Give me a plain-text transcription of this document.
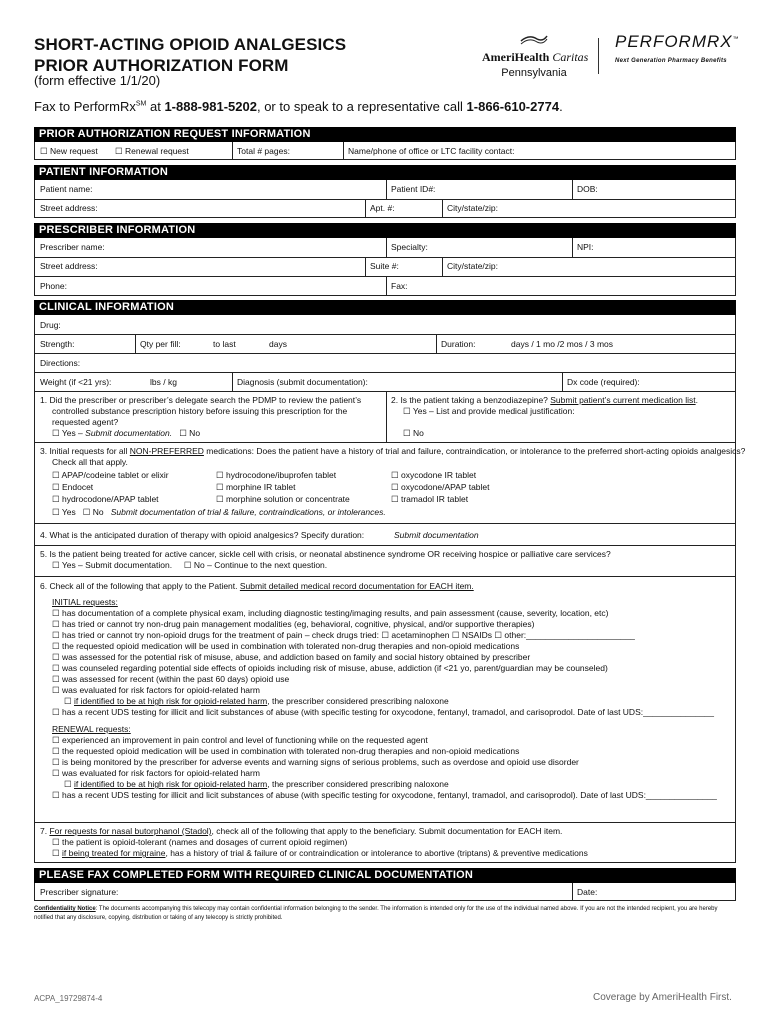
SHORT-ACTING OPIOID ANALGESICS
PRIOR AUTHORIZATION FORM
(form effective 1/1/20)
Fax to PerformRx℠ at 1-888-981-5202, or to speak to a representative call 1-866-610-2774.
AmeriHealth Caritas
Pennsylvania
PERFORMRX™
Next Generation Pharmacy Benefits
PRIOR AUTHORIZATION REQUEST INFORMATION
☐ New request ☐ Renewal request	Total # pages:	Name/phone of office or LTC facility contact:
PATIENT INFORMATION
Patient name:	Patient ID#:	DOB:
Street address:	Apt. #:	City/state/zip:
PRESCRIBER INFORMATION
Prescriber name:	Specialty:	NPI:
Street address:	Suite #:	City/state/zip:
Phone:	Fax:
CLINICAL INFORMATION
Drug:
Strength:	Qty per fill:	to last	days	Duration:	days / 1 mo /2 mos / 3 mos
Directions:
Weight (if <21 yrs):	lbs / kg	Diagnosis (submit documentation):	Dx code (required):
1. Did the prescriber or prescriber’s delegate search the PDMP to review the patient’s
controlled substance prescription history before issuing this prescription for the
requested agent?
☐ Yes – Submit documentation. ☐ No
2. Is the patient taking a benzodiazepine? Submit patient’s current medication list.
☐ Yes – List and provide medical justification:

☐ No
3. Initial requests for all NON-PREFERRED medications: Does the patient have a history of trial and failure, contraindication, or intolerance to the preferred short-acting opioids analgesics?
Check all that apply.
☐ APAP/codeine tablet or elixir	☐ hydrocodone/ibuprofen tablet	☐ oxycodone IR tablet
☐ Endocet	☐ morphine IR tablet	☐ oxycodone/APAP tablet
☐ hydrocodone/APAP tablet	☐ morphine solution or concentrate	☐ tramadol IR tablet
☐ Yes ☐ No Submit documentation of trial & failure, contraindications, or intolerances.
4. What is the anticipated duration of therapy with opioid analgesics? Specify duration:	Submit documentation
5. Is the patient being treated for active cancer, sickle cell with crisis, or neonatal abstinence syndrome OR receiving hospice or palliative care services?
☐ Yes – Submit documentation. ☐ No – Continue to the next question.
6. Check all of the following that apply to the Patient. Submit detailed medical record documentation for EACH item.
INITIAL requests:
☐ has documentation of a complete physical exam, including diagnostic testing/imaging results, and pain assessment (cause, severity, location, etc)
☐ has tried or cannot try non-drug pain management modalities (eg, behavioral, cognitive, physical, and/or supportive therapies)
☐ has tried or cannot try non-opioid drugs for the treatment of pain – check drugs tried: ☐ acetaminophen ☐ NSAIDs ☐ other:_______________________
☐ the requested opioid medication will be used in combination with tolerated non-drug therapies and non-opioid medications
☐ was assessed for the potential risk of misuse, abuse, and addiction based on family and social history obtained by prescriber
☐ was counseled regarding potential side effects of opioids including risk of misuse, abuse, addiction (if <21 yo, parent/guardian may be counseled)
☐ was assessed for recent (within the past 60 days) opioid use
☐ was evaluated for risk factors for opioid-related harm
☐ if identified to be at high risk for opioid-related harm, the prescriber considered prescribing naloxone
☐ has a recent UDS testing for illicit and licit substances of abuse (with specific testing for oxycodone, fentanyl, tramadol, and carisoprodol. Date of last UDS:_______________
RENEWAL requests:
☐ experienced an improvement in pain control and level of functioning while on the requested agent
☐ the requested opioid medication will be used in combination with tolerated non-drug therapies and non-opioid medications
☐ is being monitored by the prescriber for adverse events and warning signs of serious problems, such as overdose and opioid use disorder
☐ was evaluated for risk factors for opioid-related harm
☐ if identified to be at high risk for opioid-related harm, the prescriber considered prescribing naloxone
☐ has a recent UDS testing for illicit and licit substances of abuse (with specific testing for oxycodone, fentanyl, tramadol, and carisoprodol). Date of last UDS:_______________
7. For requests for nasal butorphanol (Stadol), check all of the following that apply to the beneficiary. Submit documentation for EACH item.
☐ the patient is opioid-tolerant (names and dosages of current opioid regimen)
☐ if being treated for migraine, has a history of trial & failure of or contraindication or intolerance to abortive (triptans) & preventive medications
PLEASE FAX COMPLETED FORM WITH REQUIRED CLINICAL DOCUMENTATION
Prescriber signature:	Date:
Confidentiality Notice: The documents accompanying this telecopy may contain confidential information belonging to the sender. The information is intended only for the use of the individual named above. If you are not the intended recipient, you are hereby notified that any disclosure, copying, distribution or taking of any telecopy is strictly prohibited.
ACPA_19729874-4	Coverage by AmeriHealth First.
